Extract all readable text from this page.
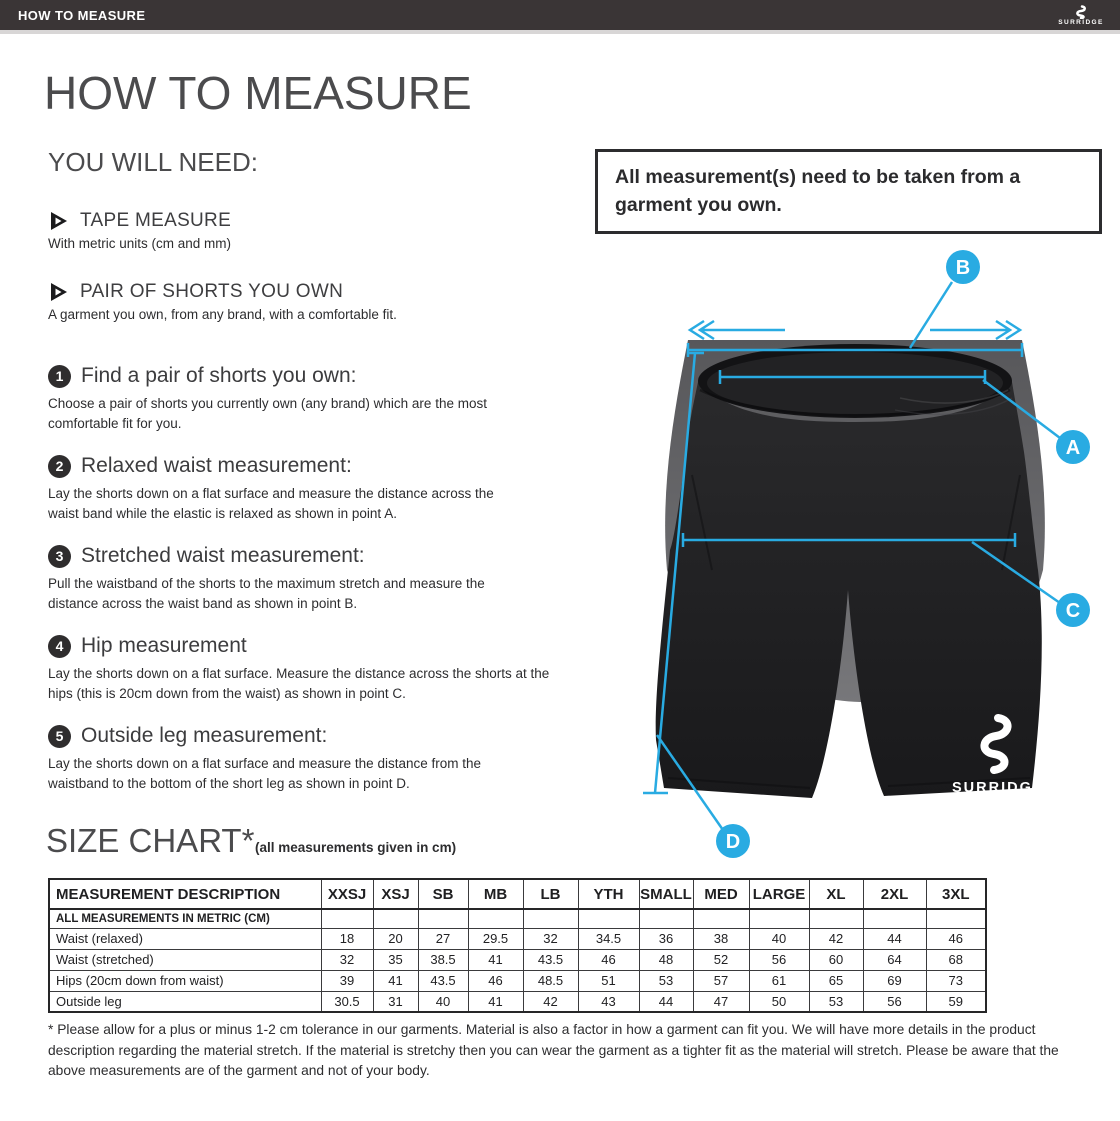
HOW TO MEASURE	SURRIDGE
HOW TO MEASURE
YOU WILL NEED:
TAPE MEASURE
With metric units (cm and mm)
PAIR OF SHORTS YOU OWN
A garment you own, from any brand, with a comfortable fit.
1 Find a pair of shorts you own:
Choose a pair of shorts you currently own (any brand) which are the most comfortable fit for you.
2 Relaxed waist measurement:
Lay the shorts down on a flat surface and measure the distance across the waist band while the elastic is relaxed as shown in point A.
3 Stretched waist measurement:
Pull the waistband of the shorts to the maximum stretch and measure the distance across the waist band as shown in point B.
4 Hip measurement
Lay the shorts down on a flat surface. Measure the distance across the shorts at the hips (this is 20cm down from the waist) as shown in point C.
5 Outside leg measurement:
Lay the shorts down on a flat surface and measure the distance from the waistband to the bottom of the short leg as shown in point D.
All measurement(s) need to be taken from a garment you own.
SURRIDGE
B
A
C
D
SIZE CHART* (all measurements given in cm)
MEASUREMENT DESCRIPTION	XXSJ	XSJ	SB	MB	LB	YTH	SMALL	MED	LARGE	XL	2XL	3XL
ALL MEASUREMENTS IN METRIC (CM)												
Waist (relaxed)	18	20	27	29.5	32	34.5	36	38	40	42	44	46
Waist (stretched)	32	35	38.5	41	43.5	46	48	52	56	60	64	68
Hips (20cm down from waist)	39	41	43.5	46	48.5	51	53	57	61	65	69	73
Outside leg	30.5	31	40	41	42	43	44	47	50	53	56	59
* Please allow for a plus or minus 1-2 cm tolerance in our garments. Material is also a factor in how a garment can fit you. We will have more details in the product description regarding the material stretch. If the material is stretchy then you can wear the garment as a tighter fit as the material will stretch. Please be aware that the above measurements are of the garment and not of your body.
